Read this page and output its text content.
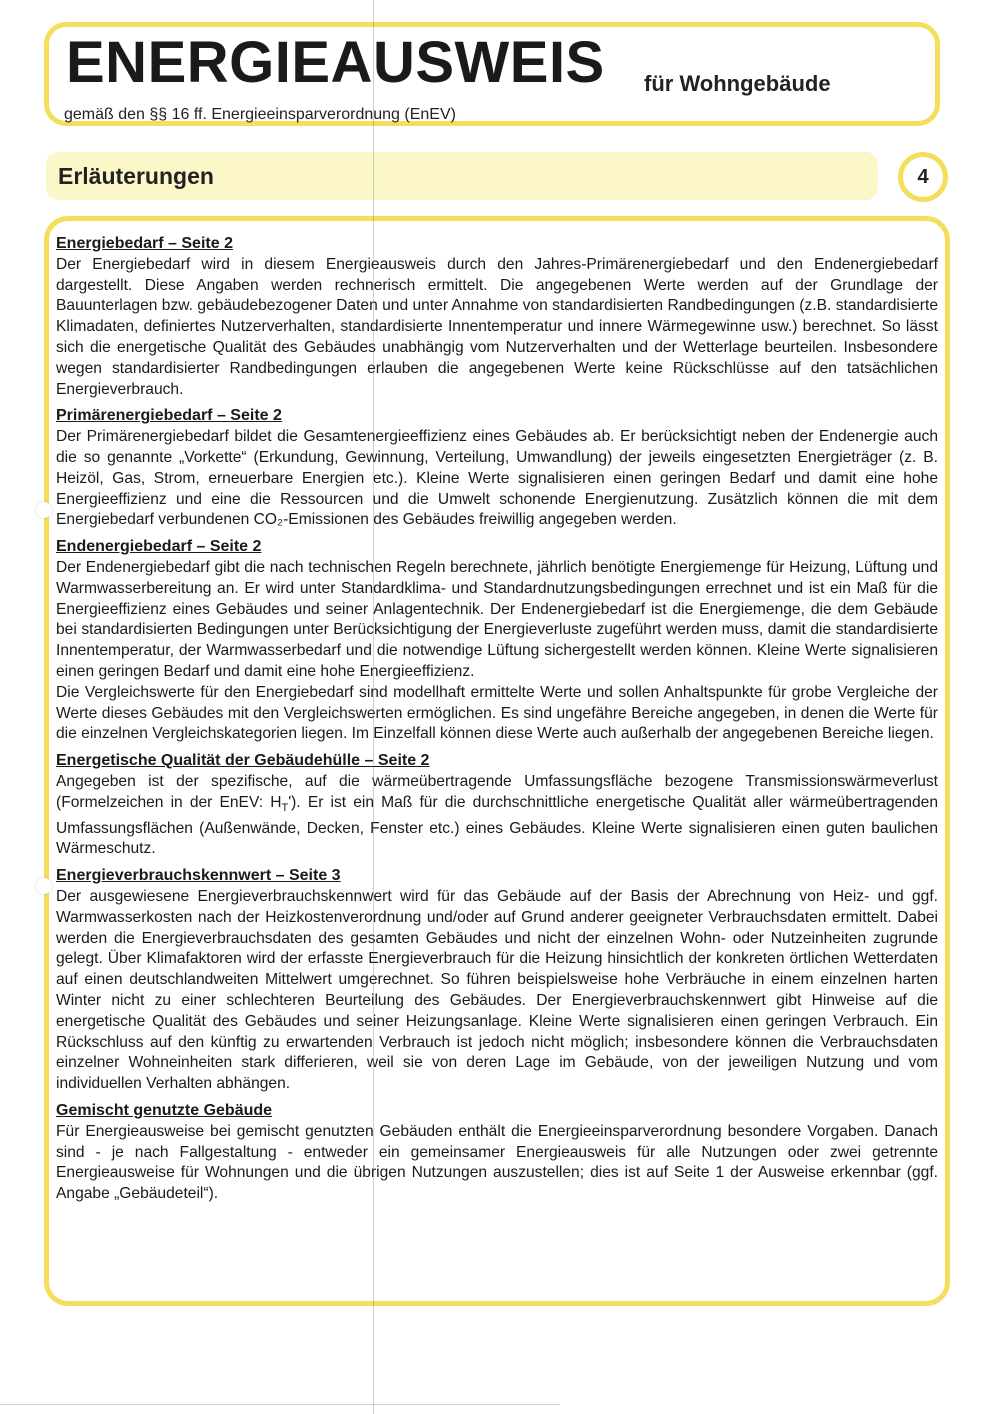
ENERGIEAUSWEIS für Wohngebäude
gemäß den §§ 16 ff. Energieeinsparverordnung (EnEV)
Erläuterungen	4
Energiebedarf – Seite 2

Der Energiebedarf wird in diesem Energieausweis durch den Jahres-Primärenergiebedarf und den Endenergiebedarf dargestellt. Diese Angaben werden rechnerisch ermittelt. Die angegebenen Werte werden auf der Grundlage der Bauunterlagen bzw. gebäudebezogener Daten und unter Annahme von standardisierten Randbedingungen (z.B. standardisierte Klimadaten, definiertes Nutzerverhalten, standardisierte Innentemperatur und innere Wärmegewinne usw.) berechnet. So lässt sich die energetische Qualität des Gebäudes unabhängig vom Nutzerverhalten und der Wetterlage beurteilen. Insbesondere wegen standardisierter Randbedingungen erlauben die angegebenen Werte keine Rückschlüsse auf den tatsächlichen Energieverbrauch.

Primärenergiebedarf – Seite 2

Der Primärenergiebedarf bildet die Gesamtenergieeffizienz eines Gebäudes ab. Er berücksichtigt neben der Endenergie auch die so genannte „Vorkette“ (Erkundung, Gewinnung, Verteilung, Umwandlung) der jeweils eingesetzten Energieträger (z. B. Heizöl, Gas, Strom, erneuerbare Energien etc.). Kleine Werte signalisieren einen geringen Bedarf und damit eine hohe Energieeffizienz und eine die Ressourcen und die Umwelt schonende Energienutzung. Zusätzlich können die mit dem Energiebedarf verbundenen CO₂-Emissionen des Gebäudes freiwillig angegeben werden.

Endenergiebedarf – Seite 2

Der Endenergiebedarf gibt die nach technischen Regeln berechnete, jährlich benötigte Energiemenge für Heizung, Lüftung und Warmwasserbereitung an. Er wird unter Standardklima- und Standardnutzungsbedingungen errechnet und ist ein Maß für die Energieeffizienz eines Gebäudes und seiner Anlagentechnik. Der Endenergiebedarf ist die Energiemenge, die dem Gebäude bei standardisierten Bedingungen unter Berücksichtigung der Energieverluste zugeführt werden muss, damit die standardisierte Innentemperatur, der Warmwasserbedarf und die notwendige Lüftung sichergestellt werden können. Kleine Werte signalisieren einen geringen Bedarf und damit eine hohe Energieeffizienz.

Die Vergleichswerte für den Energiebedarf sind modellhaft ermittelte Werte und sollen Anhaltspunkte für grobe Vergleiche der Werte dieses Gebäudes mit den Vergleichswerten ermöglichen. Es sind ungefähre Bereiche angegeben, in denen die Werte für die einzelnen Vergleichskategorien liegen. Im Einzelfall können diese Werte auch außerhalb der angegebenen Bereiche liegen.

Energetische Qualität der Gebäudehülle – Seite 2

Angegeben ist der spezifische, auf die wärmeübertragende Umfassungsfläche bezogene Transmissionswärmeverlust (Formelzeichen in der EnEV: $H_T'$). Er ist ein Maß für die durchschnittliche energetische Qualität aller wärmeübertragenden Umfassungsflächen (Außenwände, Decken, Fenster etc.) eines Gebäudes. Kleine Werte signalisieren einen guten baulichen Wärmeschutz.

Energieverbrauchskennwert – Seite 3

Der ausgewiesene Energieverbrauchskennwert wird für das Gebäude auf der Basis der Abrechnung von Heiz- und ggf. Warmwasserkosten nach der Heizkostenverordnung und/oder auf Grund anderer geeigneter Verbrauchsdaten ermittelt. Dabei werden die Energieverbrauchsdaten des gesamten Gebäudes und nicht der einzelnen Wohn- oder Nutzeinheiten zugrunde gelegt. Über Klimafaktoren wird der erfasste Energieverbrauch für die Heizung hinsichtlich der konkreten örtlichen Wetterdaten auf einen deutschlandweiten Mittelwert umgerechnet. So führen beispielsweise hohe Verbräuche in einem einzelnen harten Winter nicht zu einer schlechteren Beurteilung des Gebäudes. Der Energieverbrauchskennwert gibt Hinweise auf die energetische Qualität des Gebäudes und seiner Heizungsanlage. Kleine Werte signalisieren einen geringen Verbrauch. Ein Rückschluss auf den künftig zu erwartenden Verbrauch ist jedoch nicht möglich; insbesondere können die Verbrauchsdaten einzelner Wohneinheiten stark differieren, weil sie von deren Lage im Gebäude, von der jeweiligen Nutzung und vom individuellen Verhalten abhängen.

Gemischt genutzte Gebäude

Für Energieausweise bei gemischt genutzten Gebäuden enthält die Energieeinsparverordnung besondere Vorgaben. Danach sind - je nach Fallgestaltung - entweder ein gemeinsamer Energieausweis für alle Nutzungen oder zwei getrennte Energieausweise für Wohnungen und die übrigen Nutzungen auszustellen; dies ist auf Seite 1 der Ausweise erkennbar (ggf. Angabe „Gebäudeteil“).
